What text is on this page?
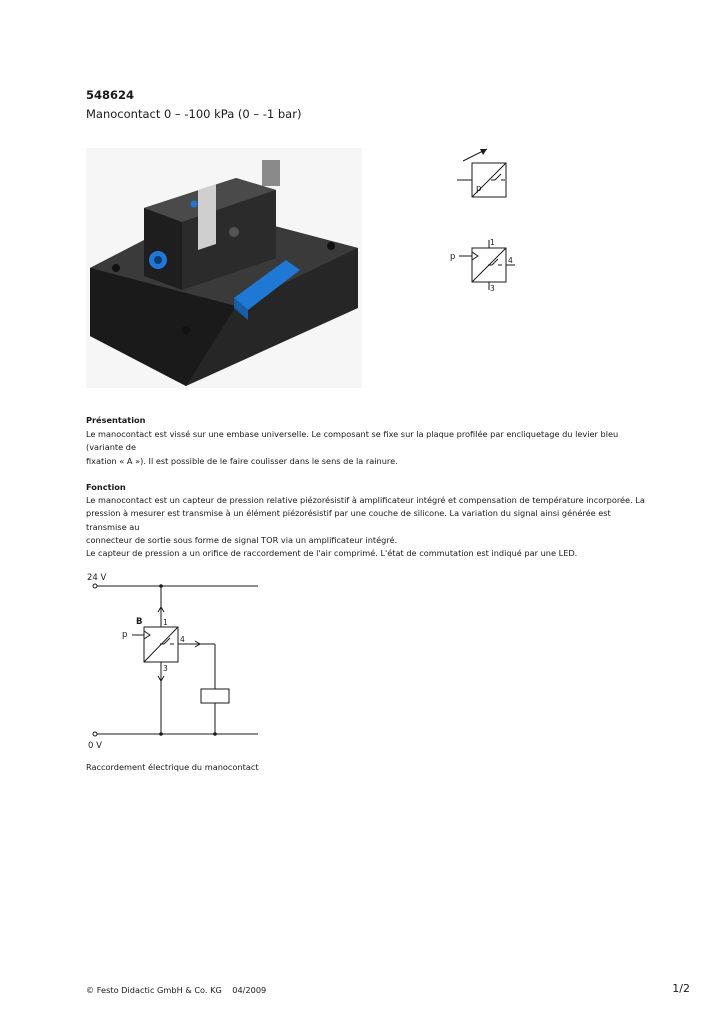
548624
Manocontact 0 – -100 kPa (0 – -1 bar)
p
p
1
4
3
Présentation

Le manocontact est vissé sur une embase universelle. Le composant se fixe sur la plaque profilée par encliquetage du levier bleu (variante de

fixation « A »). Il est possible de le faire coulisser dans le sens de la rainure.

Fonction

Le manocontact est un capteur de pression relative piézorésistif à amplificateur intégré et compensation de température incorporée. La

pression à mesurer est transmise à un élément piézorésistif par une couche de silicone. La variation du signal ainsi générée est transmise au

connecteur de sortie sous forme de signal TOR via un amplificateur intégré.

Le capteur de pression a un orifice de raccordement de l'air comprimé. L'état de commutation est indiqué par une LED.

24 V
0 V
B
p
1
4
3
Raccordement électrique du manocontact
© Festo Didactic GmbH & Co. KG    04/2009	1/2
